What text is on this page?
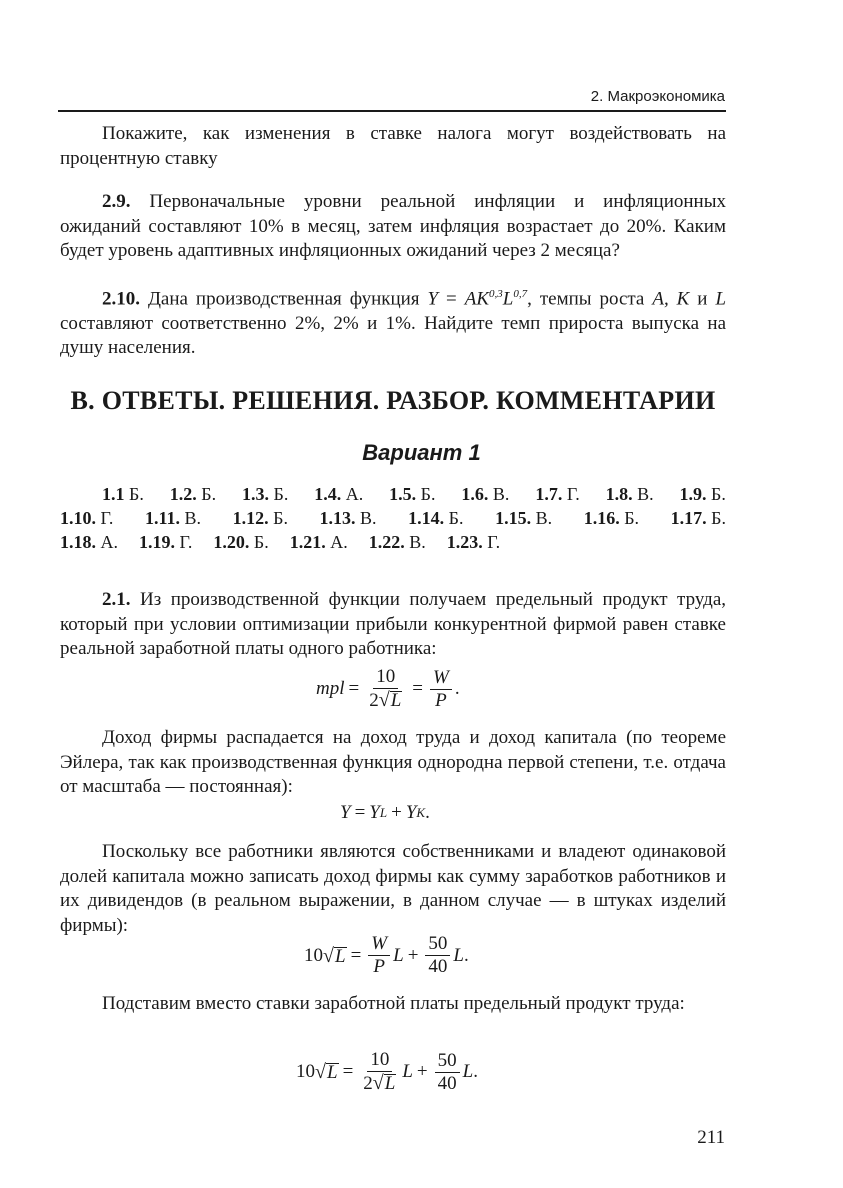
2. Макроэкономика

Покажите, как изменения в ставке налога могут воздействовать на процентную ставку

2.9. Первоначальные уровни реальной инфляции и инфляционных ожиданий составляют 10% в месяц, затем инфляция возрастает до 20%. Каким будет уровень адаптивных инфляционных ожиданий через 2 месяца?

2.10. Дана производственная функция $Y = AK^{0,3}L^{0,7}$, темпы роста A, K и L составляют соответственно 2%, 2% и 1%. Найдите темп прироста выпуска на душу населения.

В. ОТВЕТЫ. РЕШЕНИЯ. РАЗБОР. КОММЕНТАРИИ
Вариант 1
1.1 Б. 1.2. Б. 1.3. Б. 1.4. А. 1.5. Б. 1.6. В. 1.7. Г. 1.8. В. 1.9. Б.
1.10. Г. 1.11. В. 1.12. Б. 1.13. В. 1.14. Б. 1.15. В. 1.16. Б. 1.17. Б.
1.18. А. 1.19. Г. 1.20. Б. 1.21. А. 1.22. В. 1.23. Г.

2.1. Из производственной функции получаем предельный продукт труда, который при условии оптимизации прибыли конкурентной фирмой равен ставке реальной заработной платы одного работника:

mpl = $\frac{10}{2 √ L} = \frac{W}{P}$ .

Доход фирмы распадается на доход труда и доход капитала (по теореме Эйлера, так как производственная функция однородна первой степени, т.е. отдача от масштаба — постоянная):

Y = Y L + Y K .

Поскольку все работники являются собственниками и владеют одинаковой долей капитала можно записать доход фирмы как сумму заработков работников и их дивидендов (в реальном выражении, в данном случае — в штуках изделий фирмы):

10 √ $L = \frac{W}{P}$ $L + \frac{50}{40}$ L .

Подставим вместо ставки заработной платы предельный продукт труда:

10 √ $L = \frac{10}{2 √ L}$ $L + \frac{50}{40}$ L .
211
